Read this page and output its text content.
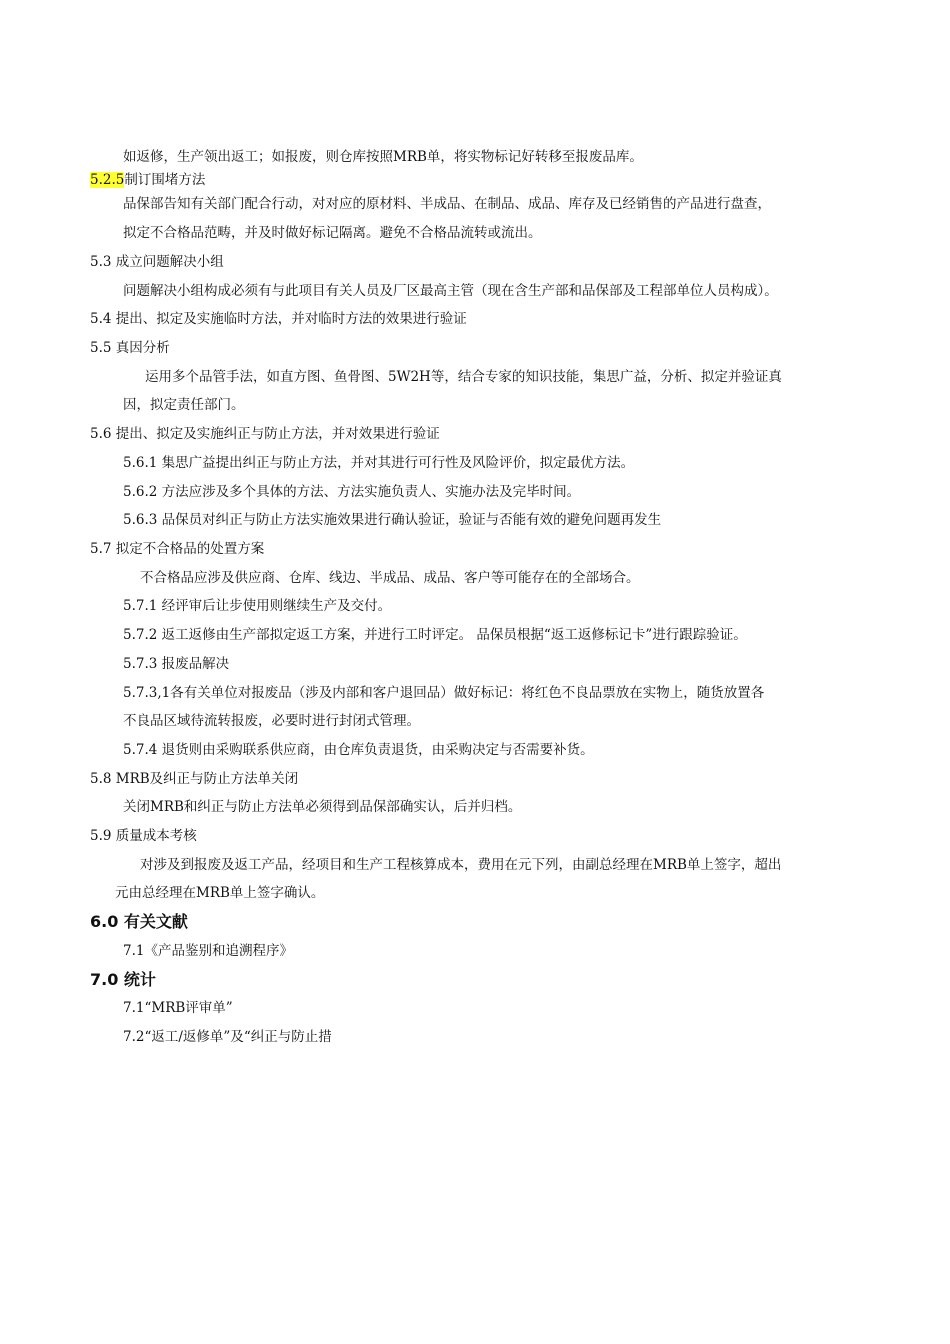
如返修，生产领出返工；如报废，则仓库按照MRB单，将实物标记好转移至报废品库。
5.2.5制订围堵方法
品保部告知有关部门配合行动，对对应的原材料、半成品、在制品、成品、库存及已经销售的产品进行盘查，
拟定不合格品范畴，并及时做好标记隔离。避免不合格品流转或流出。
5.3 成立问题解决小组
问题解决小组构成必须有与此项目有关人员及厂区最高主管（现在含生产部和品保部及工程部单位人员构成）。
5.4 提出、拟定及实施临时方法，并对临时方法的效果进行验证
5.5 真因分析
运用多个品管手法，如直方图、鱼骨图、5W2H等，结合专家的知识技能，集思广益，分析、拟定并验证真
因，拟定责任部门。
5.6 提出、拟定及实施纠正与防止方法，并对效果进行验证
5.6.1 集思广益提出纠正与防止方法，并对其进行可行性及风险评价，拟定最优方法。
5.6.2 方法应涉及多个具体的方法、方法实施负责人、实施办法及完毕时间。
5.6.3 品保员对纠正与防止方法实施效果进行确认验证，验证与否能有效的避免问题再发生
5.7 拟定不合格品的处置方案
不合格品应涉及供应商、仓库、线边、半成品、成品、客户等可能存在的全部场合。
5.7.1 经评审后让步使用则继续生产及交付。
5.7.2 返工返修由生产部拟定返工方案，并进行工时评定。 品保员根据“返工返修标记卡”进行跟踪验证。
5.7.3 报废品解决
5.7.3,1各有关单位对报废品（涉及内部和客户退回品）做好标记：将红色不良品票放在实物上，随货放置各
不良品区域待流转报废，必要时进行封闭式管理。
5.7.4 退货则由采购联系供应商，由仓库负责退货，由采购决定与否需要补货。
5.8 MRB及纠正与防止方法单关闭
关闭MRB和纠正与防止方法单必须得到品保部确实认，后并归档。
5.9 质量成本考核
对涉及到报废及返工产品，经项目和生产工程核算成本，费用在元下列，由副总经理在MRB单上签字，超出
元由总经理在MRB单上签字确认。
6.0 有关文献
7.1《产品鉴别和追溯程序》
7.0 统计
7.1“MRB评审单”
7.2“返工/返修单”及“纠正与防止措
